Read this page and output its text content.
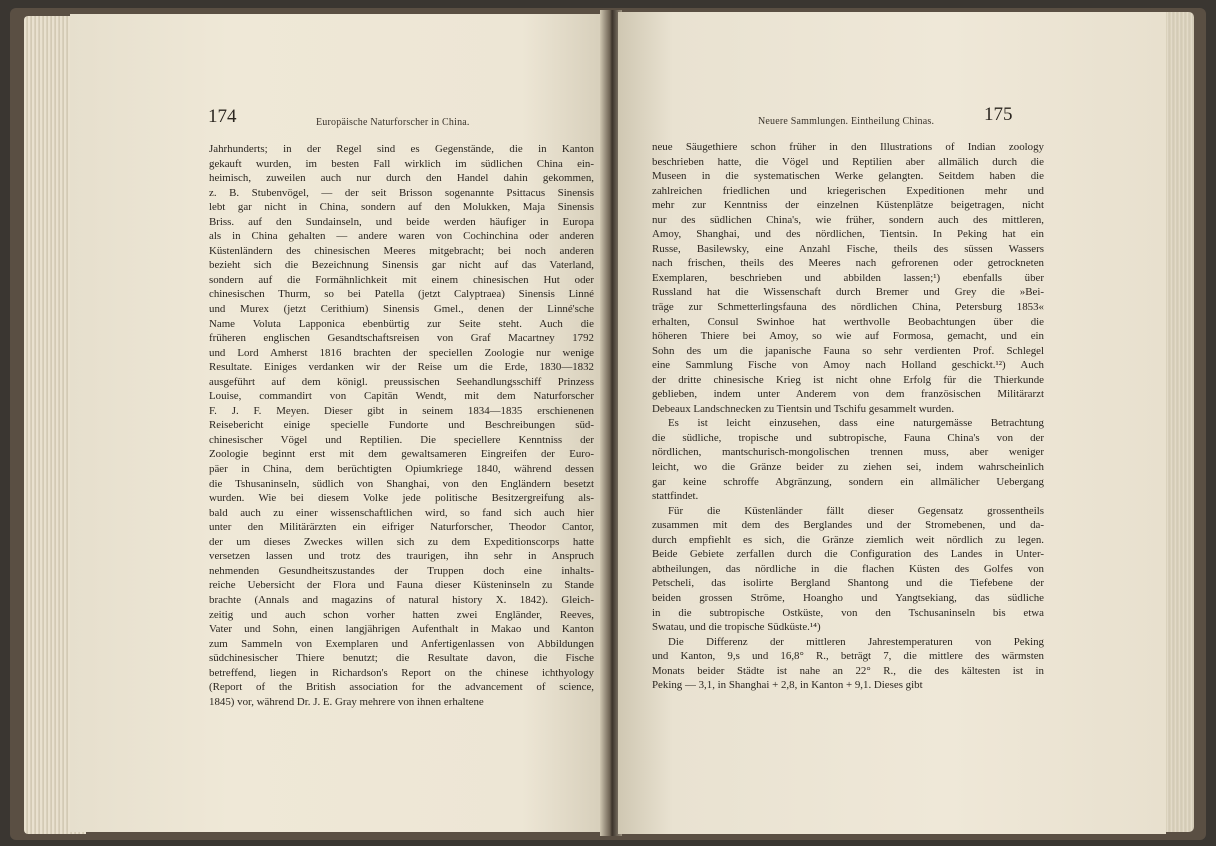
174	Europäische Naturforscher in China.
Jahrhunderts; in der Regel sind es Gegenstände, die in Kanton
gekauft wurden, im besten Fall wirklich im südlichen China ein-
heimisch, zuweilen auch nur durch den Handel dahin gekommen,
z. B. Stubenvögel, — der seit Brisson sogenannte Psittacus Sinensis
lebt gar nicht in China, sondern auf den Molukken, Maja Sinensis
Briss. auf den Sundainseln, und beide werden häufiger in Europa
als in China gehalten — andere waren von Cochinchina oder anderen
Küstenländern des chinesischen Meeres mitgebracht; bei noch anderen
bezieht sich die Bezeichnung Sinensis gar nicht auf das Vaterland,
sondern auf die Formähnlichkeit mit einem chinesischen Hut oder
chinesischen Thurm, so bei Patella (jetzt Calyptraea) Sinensis Linné
und Murex (jetzt Cerithium) Sinensis Gmel., denen der Linné'sche
Name Voluta Lapponica ebenbürtig zur Seite steht. Auch die
früheren englischen Gesandtschaftsreisen von Graf Macartney 1792
und Lord Amherst 1816 brachten der speciellen Zoologie nur wenige
Resultate. Einiges verdanken wir der Reise um die Erde, 1830—1832
ausgeführt auf dem königl. preussischen Seehandlungsschiff Prinzess
Louise, commandirt von Capitän Wendt, mit dem Naturforscher
F. J. F. Meyen. Dieser gibt in seinem 1834—1835 erschienenen
Reisebericht einige specielle Fundorte und Beschreibungen süd-
chinesischer Vögel und Reptilien. Die speciellere Kenntniss der
Zoologie beginnt erst mit dem gewaltsameren Eingreifen der Euro-
päer in China, dem berüchtigten Opiumkriege 1840, während dessen
die Tshusaninseln, südlich von Shanghai, von den Engländern besetzt
wurden. Wie bei diesem Volke jede politische Besitzergreifung als-
bald auch zu einer wissenschaftlichen wird, so fand sich auch hier
unter den Militärärzten ein eifriger Naturforscher, Theodor Cantor,
der um dieses Zweckes willen sich zu dem Expeditionscorps hatte
versetzen lassen und trotz des traurigen, ihn sehr in Anspruch
nehmenden Gesundheitszustandes der Truppen doch eine inhalts-
reiche Uebersicht der Flora und Fauna dieser Küsteninseln zu Stande
brachte (Annals and magazins of natural history X. 1842). Gleich-
zeitig und auch schon vorher hatten zwei Engländer, Reeves,
Vater und Sohn, einen langjährigen Aufenthalt in Makao und Kanton
zum Sammeln von Exemplaren und Anfertigenlassen von Abbildungen
südchinesischer Thiere benutzt; die Resultate davon, die Fische
betreffend, liegen in Richardson's Report on the chinese ichthyology
(Report of the British association for the advancement of science,
1845) vor, während Dr. J. E. Gray mehrere von ihnen erhaltene
Neuere Sammlungen. Eintheilung Chinas.	175
neue Säugethiere schon früher in den Illustrations of Indian zoology
beschrieben hatte, die Vögel und Reptilien aber allmälich durch die
Museen in die systematischen Werke gelangten. Seitdem haben die
zahlreichen friedlichen und kriegerischen Expeditionen mehr und
mehr zur Kenntniss der einzelnen Küstenplätze beigetragen, nicht
nur des südlichen China's, wie früher, sondern auch des mittleren,
Amoy, Shanghai, und des nördlichen, Tientsin. In Peking hat ein
Russe, Basilewsky, eine Anzahl Fische, theils des süssen Wassers
nach frischen, theils des Meeres nach gefrorenen oder getrockneten
Exemplaren, beschrieben und abbilden lassen;¹) ebenfalls über
Russland hat die Wissenschaft durch Bremer und Grey die »Bei-
träge zur Schmetterlingsfauna des nördlichen China, Petersburg 1853«
erhalten, Consul Swinhoe hat werthvolle Beobachtungen über die
höheren Thiere bei Amoy, so wie auf Formosa, gemacht, und ein
Sohn des um die japanische Fauna so sehr verdienten Prof. Schlegel
eine Sammlung Fische von Amoy nach Holland geschickt.¹²) Auch
der dritte chinesische Krieg ist nicht ohne Erfolg für die Thierkunde
geblieben, indem unter Anderem von dem französischen Militärarzt
Debeaux Landschnecken zu Tientsin und Tschifu gesammelt wurden.
Es ist leicht einzusehen, dass eine naturgemässe Betrachtung
die südliche, tropische und subtropische, Fauna China's von der
nördlichen, mantschurisch-mongolischen trennen muss, aber weniger
leicht, wo die Gränze beider zu ziehen sei, indem wahrscheinlich
gar keine schroffe Abgränzung, sondern ein allmälicher Uebergang
stattfindet.
Für die Küstenländer fällt dieser Gegensatz grossentheils
zusammen mit dem des Berglandes und der Stromebenen, und da-
durch empfiehlt es sich, die Gränze ziemlich weit nördlich zu legen.
Beide Gebiete zerfallen durch die Configuration des Landes in Unter-
abtheilungen, das nördliche in die flachen Küsten des Golfes von
Petscheli, das isolirte Bergland Shantong und die Tiefebene der
beiden grossen Ströme, Hoangho und Yangtsekiang, das südliche
in die subtropische Ostküste, von den Tschusaninseln bis etwa
Swatau, und die tropische Südküste.¹⁴)
Die Differenz der mittleren Jahrestemperaturen von Peking
und Kanton, 9,s und 16,8° R., beträgt 7, die mittlere des wärmsten
Monats beider Städte ist nahe an 22° R., die des kältesten ist in
Peking — 3,1, in Shanghai + 2,8, in Kanton + 9,1. Dieses gibt
